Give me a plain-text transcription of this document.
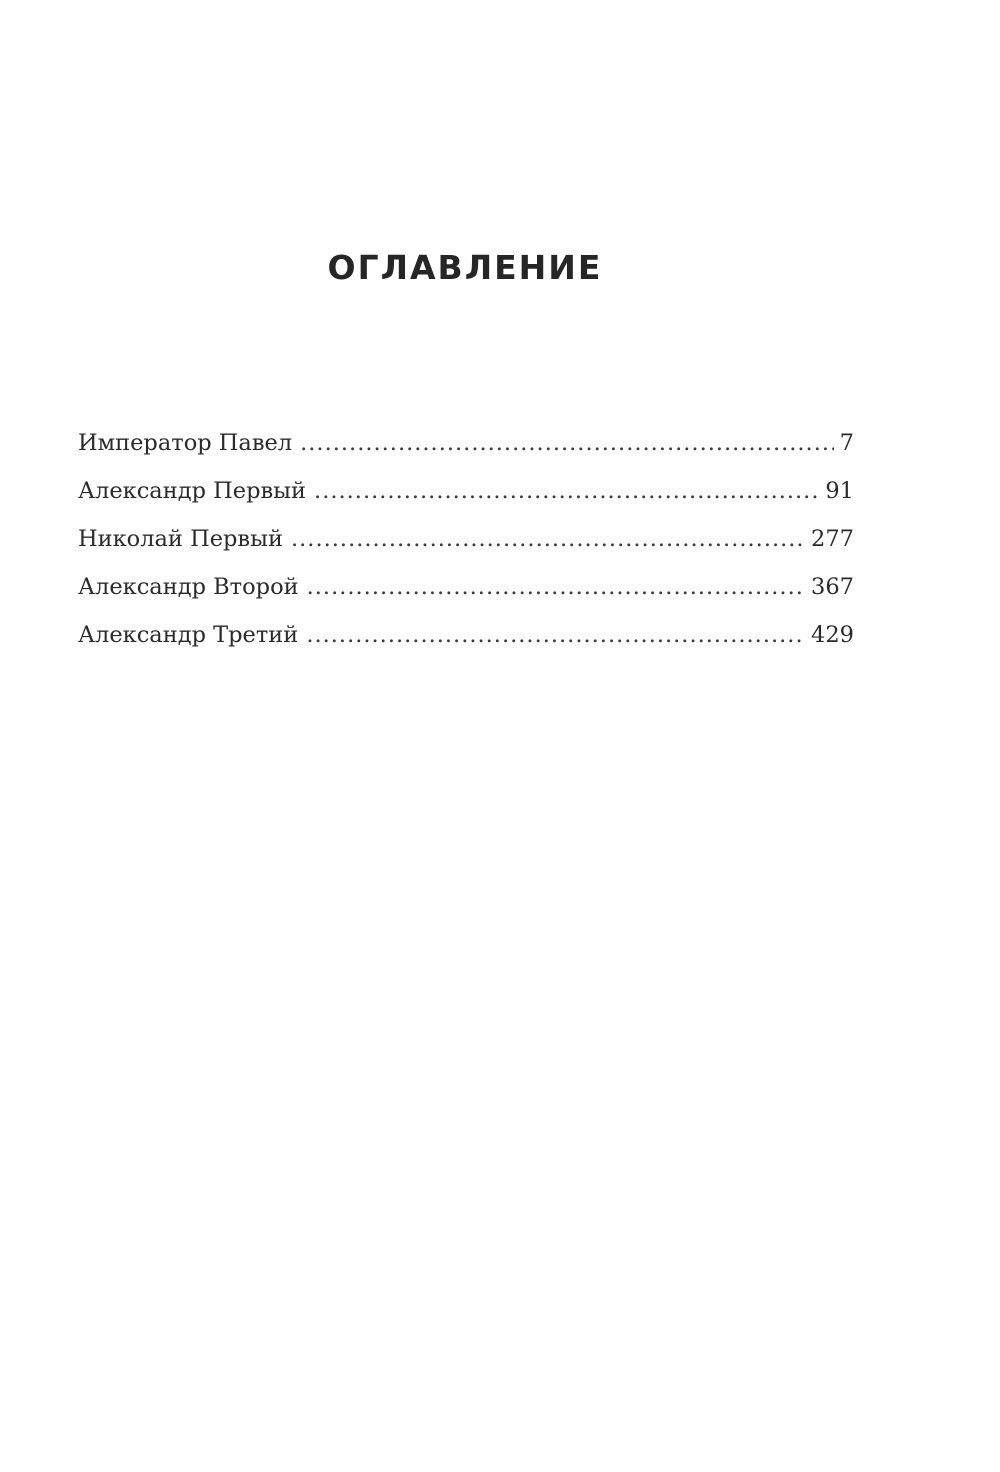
ОГЛАВЛЕНИЕ
Император Павел .....	7
Александр Первый .....	91
Николай Первый .....	277
Александр Второй .....	367
Александр Третий .....	429
